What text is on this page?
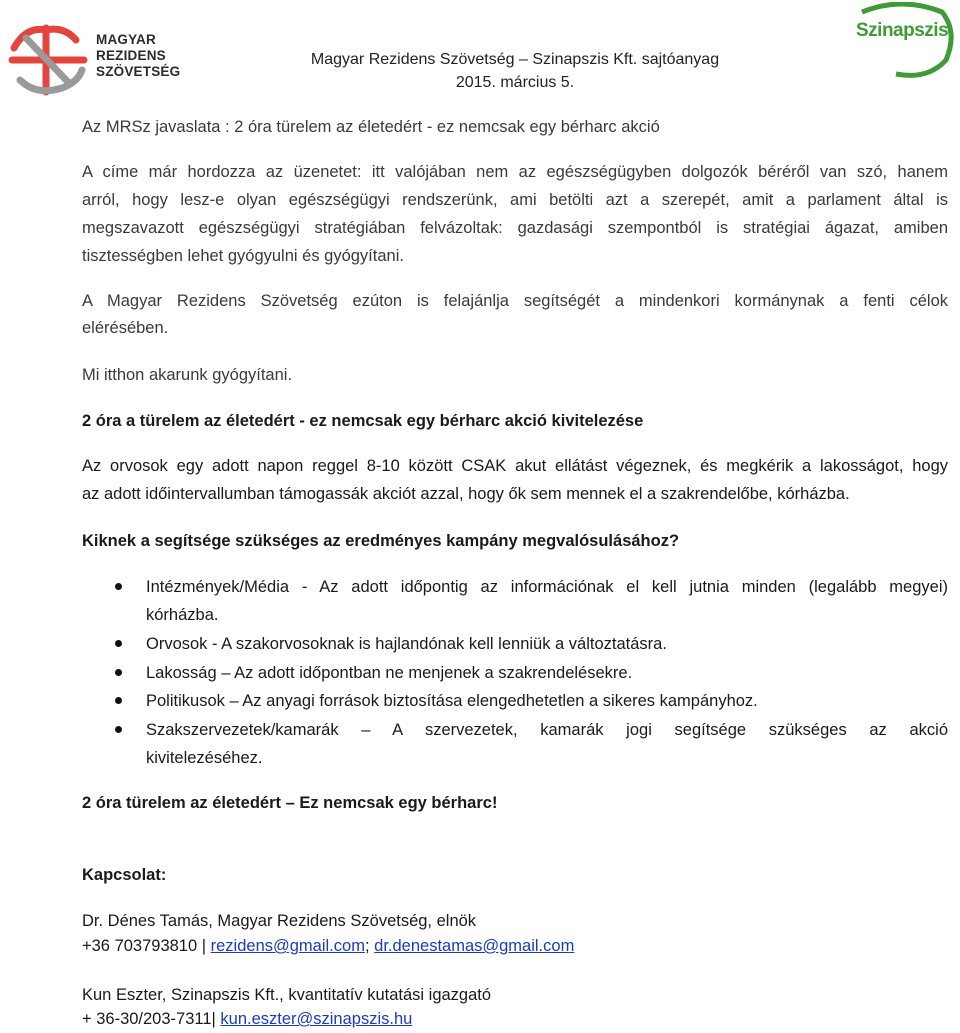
MAGYAR
REZIDENS
SZÖVETSÉG
Szinapszis
Magyar Rezidens Szövetség – Szinapszis Kft. sajtóanyag
2015. március 5.

Az MRSz javaslata : 2 óra türelem az életedért - ez nemcsak egy bérharc akció

A címe már hordozza az üzenetet: itt valójában nem az egészségügyben dolgozók béréről van szó, hanem

arról, hogy lesz-e olyan egészségügyi rendszerünk, ami betölti azt a szerepét, amit a parlament által is

megszavazott egészségügyi stratégiában felvázoltak: gazdasági szempontból is stratégiai ágazat, amiben

tisztességben lehet gyógyulni és gyógyítani.

A Magyar Rezidens Szövetség ezúton is felajánlja segítségét a mindenkori kormánynak a fenti célok

elérésében.

Mi itthon akarunk gyógyítani.

2 óra a türelem az életedért - ez nemcsak egy bérharc akció kivitelezése

Az orvosok egy adott napon reggel 8-10 között CSAK akut ellátást végeznek, és megkérik a lakosságot, hogy

az adott időintervallumban támogassák akciót azzal, hogy ők sem mennek el a szakrendelőbe, kórházba.

Kiknek a segítsége szükséges az eredményes kampány megvalósulásához?

Intézmények/Média - Az adott időpontig az információnak el kell jutnia minden (legalább megyei)

kórházba.

Orvosok - A szakorvosoknak is hajlandónak kell lenniük a változtatásra.

Lakosság – Az adott időpontban ne menjenek a szakrendelésekre.

Politikusok – Az anyagi források biztosítása elengedhetetlen a sikeres kampányhoz.

Szakszervezetek/kamarák – A szervezetek, kamarák jogi segítsége szükséges az akció

kivitelezéséhez.

2 óra türelem az életedért – Ez nemcsak egy bérharc!

Kapcsolat:

Dr. Dénes Tamás, Magyar Rezidens Szövetség, elnök

+36 703793810 | rezidens@gmail.com; dr.denestamas@gmail.com

Kun Eszter, Szinapszis Kft., kvantitatív kutatási igazgató

+ 36-30/203-7311| kun.eszter@szinapszis.hu
